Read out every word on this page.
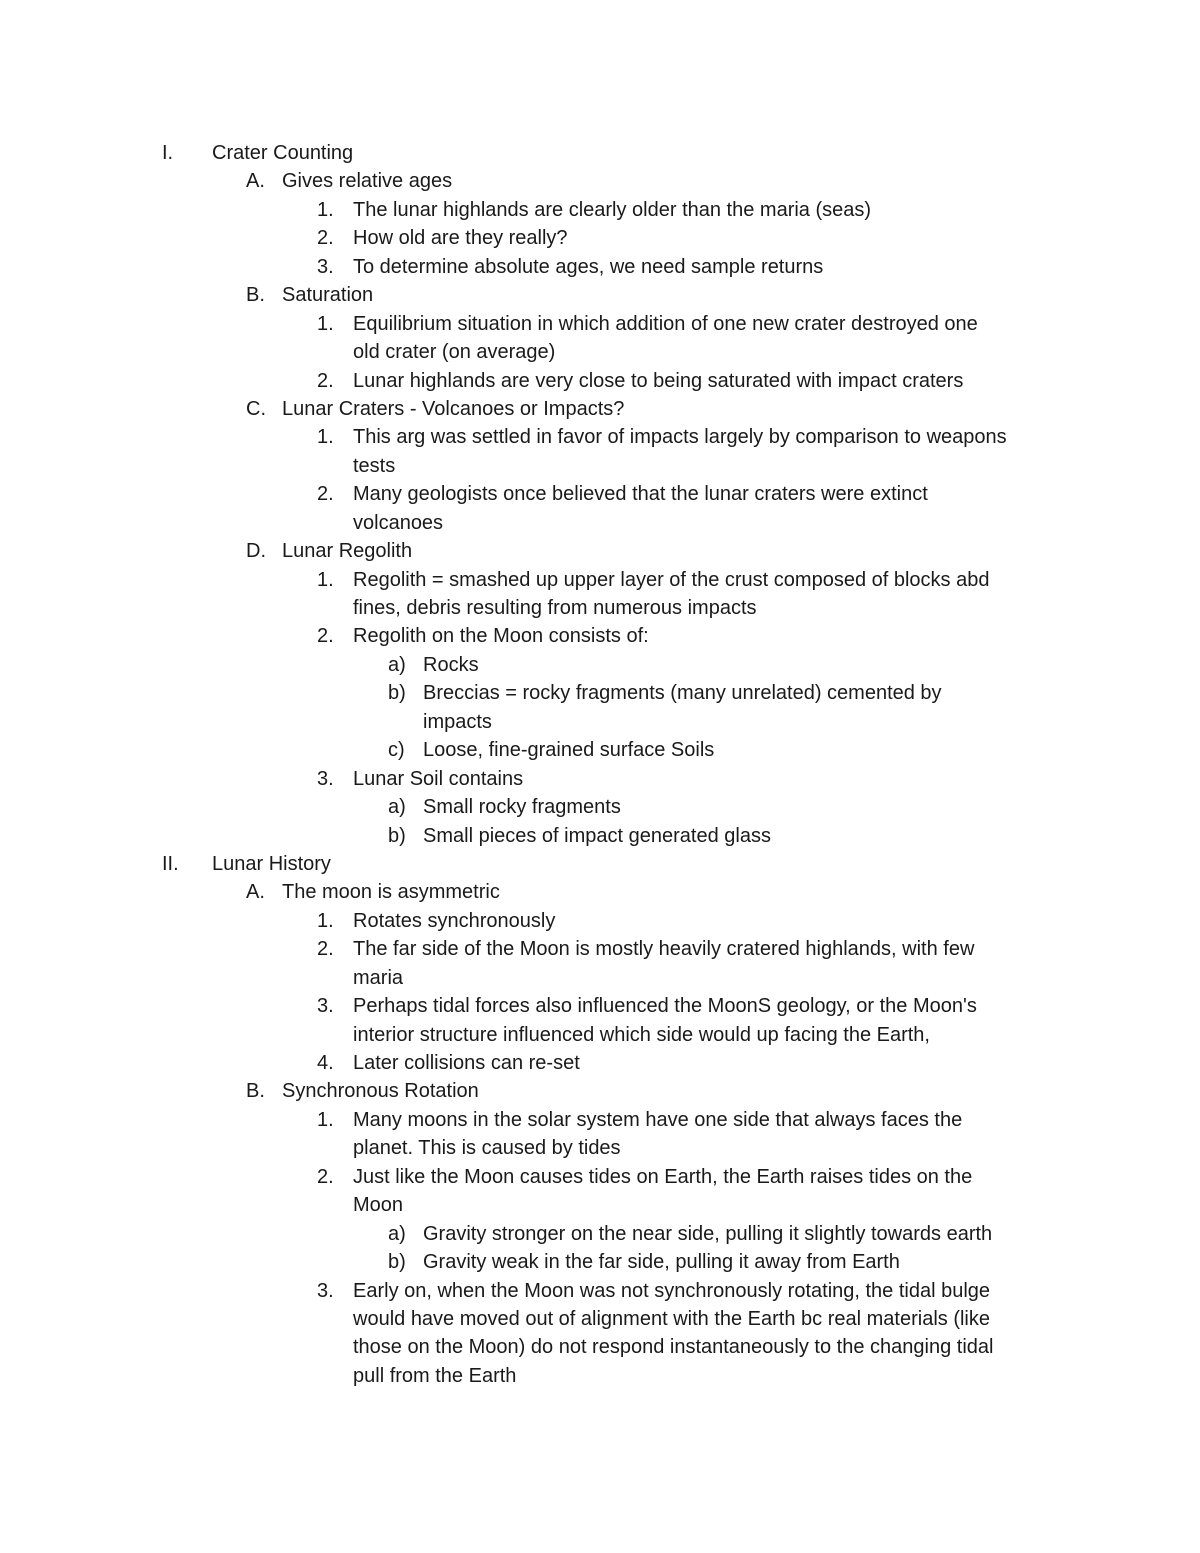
I. Crater Counting
A. Gives relative ages
1. The lunar highlands are clearly older than the maria (seas)
2. How old are they really?
3. To determine absolute ages, we need sample returns
B. Saturation
1. Equilibrium situation in which addition of one new crater destroyed one
old crater (on average)
2. Lunar highlands are very close to being saturated with impact craters
C. Lunar Craters - Volcanoes or Impacts?
1. This arg was settled in favor of impacts largely by comparison to weapons
tests
2. Many geologists once believed that the lunar craters were extinct
volcanoes
D. Lunar Regolith
1. Regolith = smashed up upper layer of the crust composed of blocks abd
fines, debris resulting from numerous impacts
2. Regolith on the Moon consists of:
a) Rocks
b) Breccias = rocky fragments (many unrelated) cemented by
impacts
c) Loose, fine-grained surface Soils
3. Lunar Soil contains
a) Small rocky fragments
b) Small pieces of impact generated glass
II. Lunar History
A. The moon is asymmetric
1. Rotates synchronously
2. The far side of the Moon is mostly heavily cratered highlands, with few
maria
3. Perhaps tidal forces also influenced the MoonS geology, or the Moon's
interior structure influenced which side would up facing the Earth,
4. Later collisions can re-set
B. Synchronous Rotation
1. Many moons in the solar system have one side that always faces the
planet. This is caused by tides
2. Just like the Moon causes tides on Earth, the Earth raises tides on the
Moon
a) Gravity stronger on the near side, pulling it slightly towards earth
b) Gravity weak in the far side, pulling it away from Earth
3. Early on, when the Moon was not synchronously rotating, the tidal bulge
would have moved out of alignment with the Earth bc real materials (like
those on the Moon) do not respond instantaneously to the changing tidal
pull from the Earth
